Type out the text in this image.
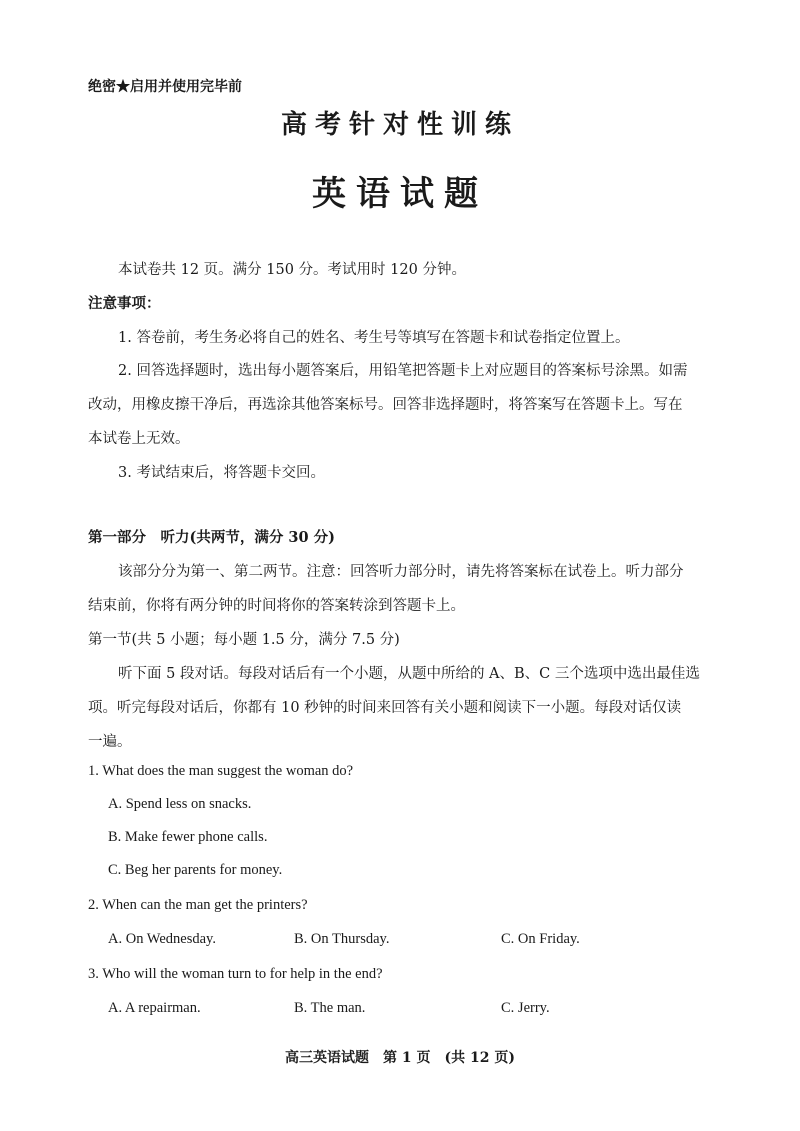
绝密★启用并使用完毕前
高考针对性训练
英语试题
本试卷共 12 页。满分 150 分。考试用时 120 分钟。
注意事项：
1. 答卷前，考生务必将自己的姓名、考生号等填写在答题卡和试卷指定位置上。
2. 回答选择题时，选出每小题答案后，用铅笔把答题卡上对应题目的答案标号涂黑。如需
改动，用橡皮擦干净后，再选涂其他答案标号。回答非选择题时，将答案写在答题卡上。写在
本试卷上无效。
3. 考试结束后，将答题卡交回。
第一部分　听力(共两节，满分 30 分)
该部分分为第一、第二两节。注意：回答听力部分时，请先将答案标在试卷上。听力部分
结束前，你将有两分钟的时间将你的答案转涂到答题卡上。
第一节(共 5 小题；每小题 1.5 分，满分 7.5 分)
听下面 5 段对话。每段对话后有一个小题，从题中所给的 A、B、C 三个选项中选出最佳选
项。听完每段对话后，你都有 10 秒钟的时间来回答有关小题和阅读下一小题。每段对话仅读
一遍。
1. What does the man suggest the woman do?
A. Spend less on snacks.
B. Make fewer phone calls.
C. Beg her parents for money.
2. When can the man get the printers?
A. On Wednesday.	B. On Thursday.	C. On Friday.
3. Who will the woman turn to for help in the end?
A. A repairman.	B. The man.	C. Jerry.
高三英语试题　第 1 页　(共 12 页)
